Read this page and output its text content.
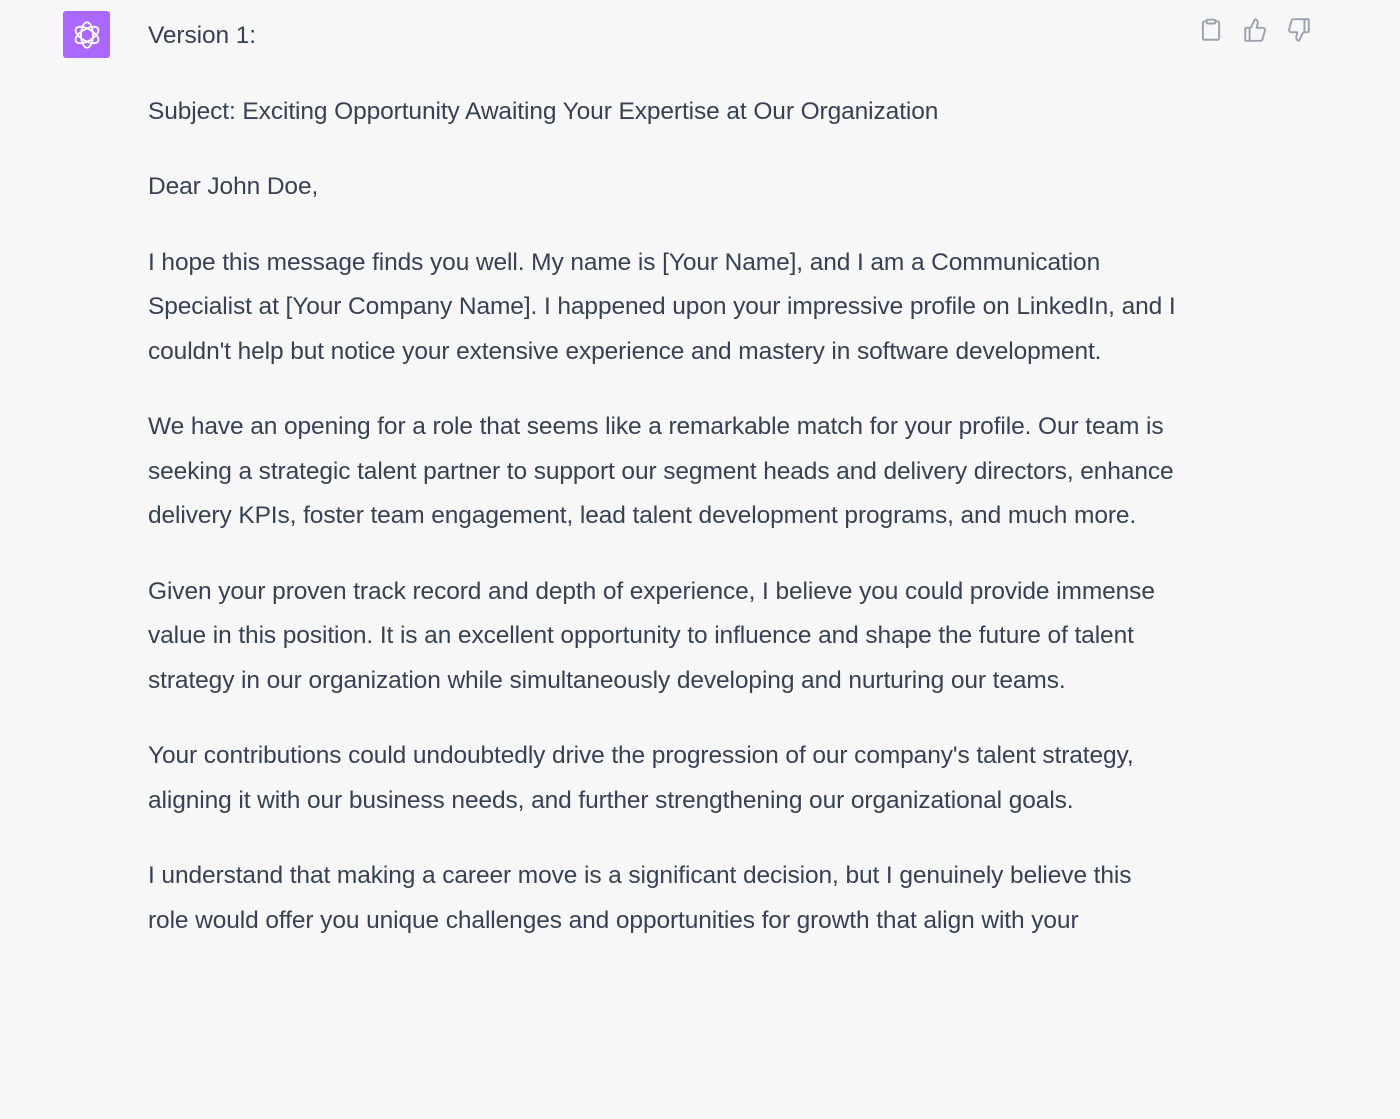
Version 1:

Subject: Exciting Opportunity Awaiting Your Expertise at Our Organization

Dear John Doe,

I hope this message finds you well. My name is [Your Name], and I am a Communication Specialist at [Your Company Name]. I happened upon your impressive profile on LinkedIn, and I couldn't help but notice your extensive experience and mastery in software development.

We have an opening for a role that seems like a remarkable match for your profile. Our team is seeking a strategic talent partner to support our segment heads and delivery directors, enhance delivery KPIs, foster team engagement, lead talent development programs, and much more.

Given your proven track record and depth of experience, I believe you could provide immense value in this position. It is an excellent opportunity to influence and shape the future of talent strategy in our organization while simultaneously developing and nurturing our teams.

Your contributions could undoubtedly drive the progression of our company's talent strategy, aligning it with our business needs, and further strengthening our organizational goals.

I understand that making a career move is a significant decision, but I genuinely believe this role would offer you unique challenges and opportunities for growth that align with your
